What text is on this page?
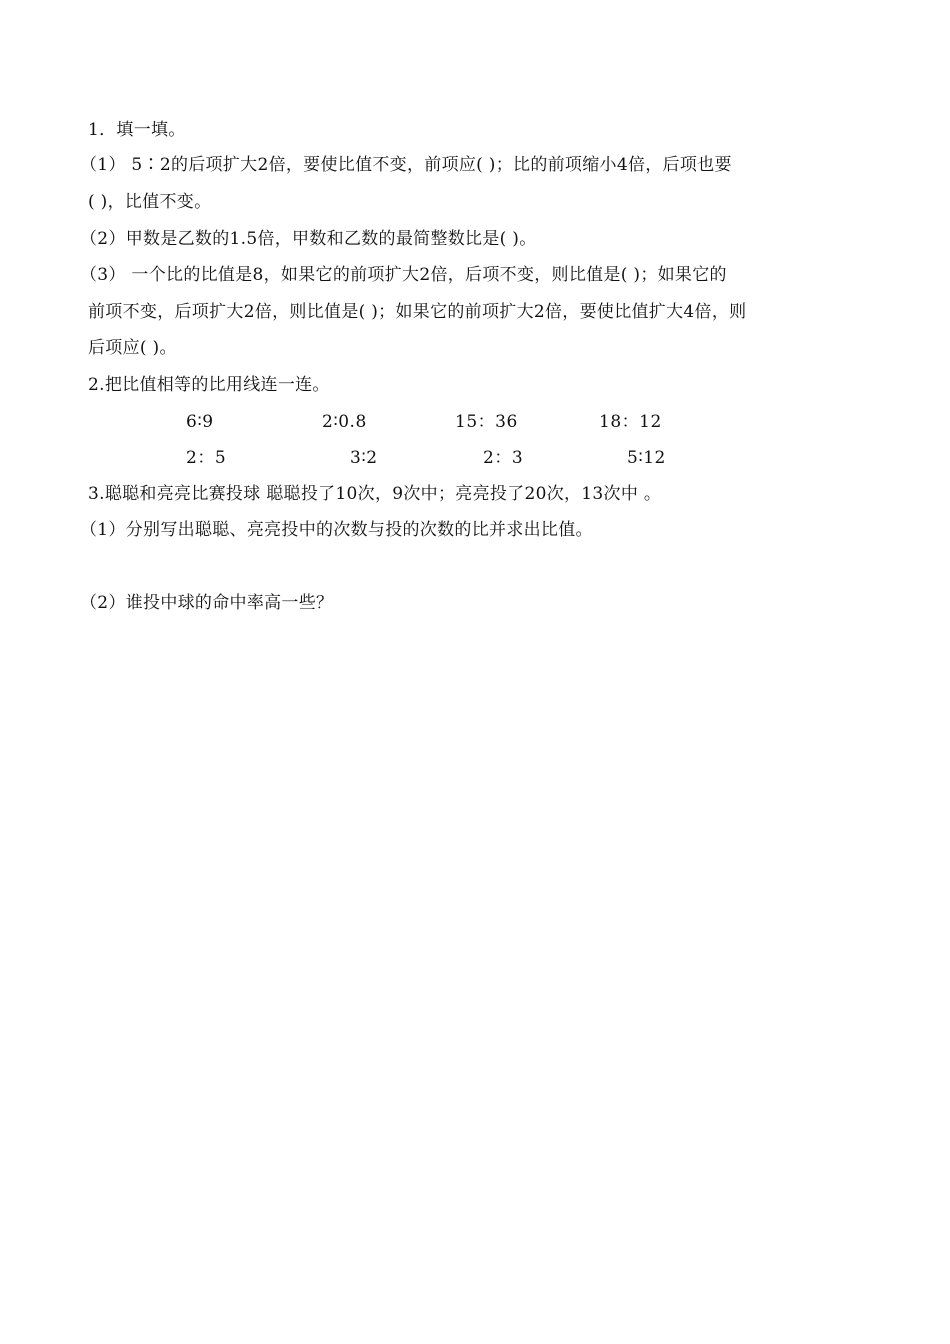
1．填一填。
（1） 5∶2的后项扩大2倍，要使比值不变，前项应( )；比的前项缩小4倍，后项也要
( )，比值不变。
（2）甲数是乙数的1.5倍，甲数和乙数的最简整数比是( )。
（3） 一个比的比值是8，如果它的前项扩大2倍，后项不变，则比值是( )；如果它的
前项不变，后项扩大2倍，则比值是( )；如果它的前项扩大2倍，要使比值扩大4倍，则
后项应( )。
2.把比值相等的比用线连一连。
6∶9	2∶0.8	15：36	18：12
2：5	3∶2	2：3	5∶12
3.聪聪和亮亮比赛投球 聪聪投了10次，9次中；亮亮投了20次，13次中 。
（1）分别写出聪聪、亮亮投中的次数与投的次数的比并求出比值。
（2）谁投中球的命中率高一些？
